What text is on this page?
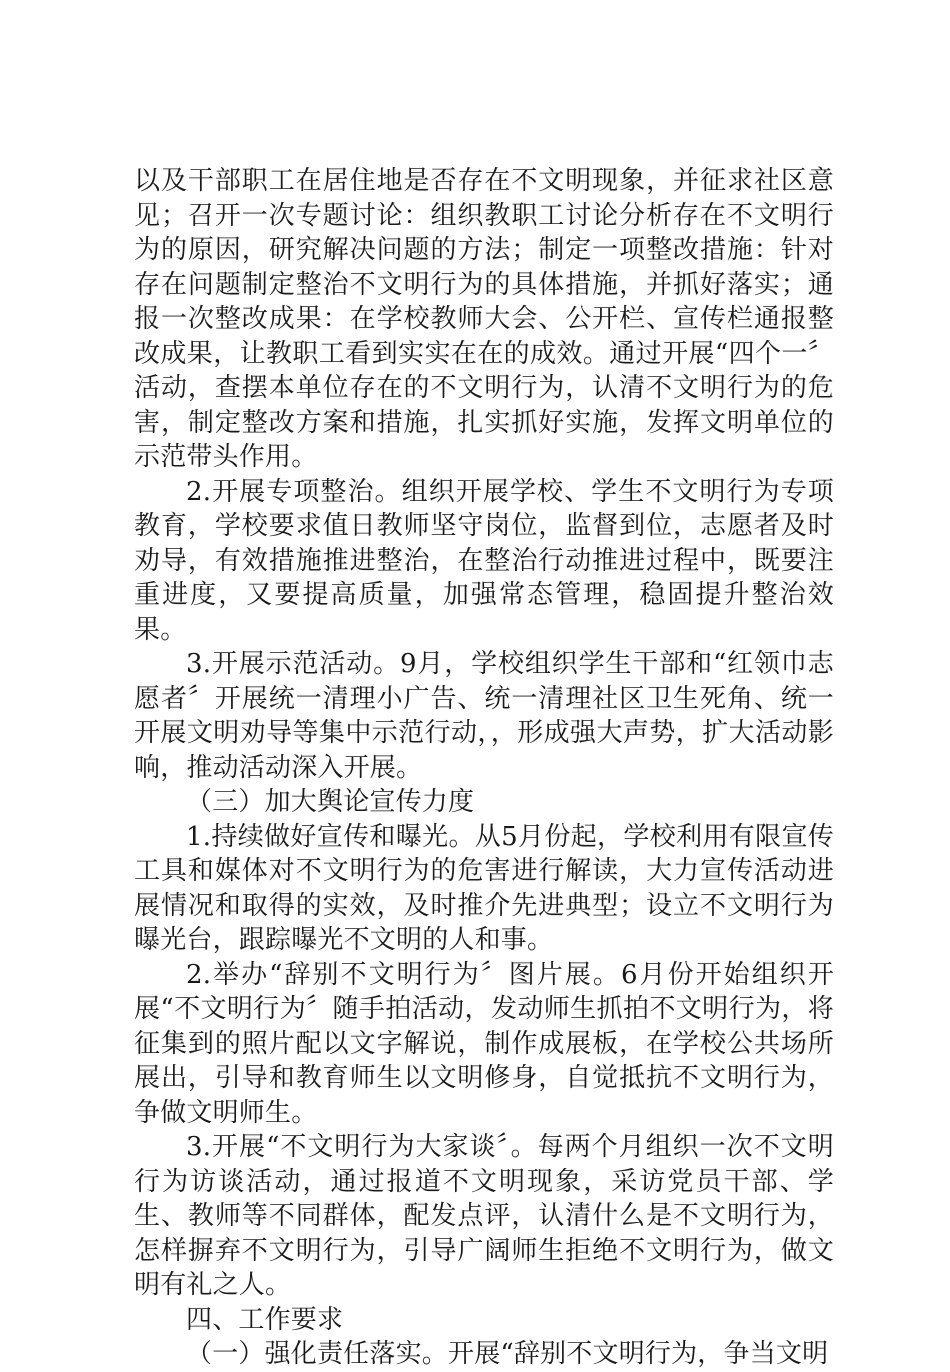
以及干部职工在居住地是否存在不文明现象，并征求社区意见；召开一次专题讨论：组织教职工讨论分析存在不文明行为的原因，研究解决问题的方法；制定一项整改措施：针对存在问题制定整治不文明行为的具体措施，并抓好落实；通报一次整改成果：在学校教师大会、公开栏、宣传栏通报整改成果，让教职工看到实实在在的成效。通过开展“四个一〞活动，查摆本单位存在的不文明行为，认清不文明行为的危害，制定整改方案和措施，扎实抓好实施，发挥文明单位的示范带头作用。

2.开展专项整治。组织开展学校、学生不文明行为专项教育，学校要求值日教师坚守岗位，监督到位，志愿者及时劝导，有效措施推进整治，在整治行动推进过程中，既要注重进度，又要提高质量，加强常态管理，稳固提升整治效果。

3.开展示范活动。9月，学校组织学生干部和“红领巾志愿者〞开展统一清理小广告、统一清理社区卫生死角、统一开展文明劝导等集中示范行动，，形成强大声势，扩大活动影响，推动活动深入开展。

（三）加大舆论宣传力度

1.持续做好宣传和曝光。从5月份起，学校利用有限宣传工具和媒体对不文明行为的危害进行解读，大力宣传活动进展情况和取得的实效，及时推介先进典型；设立不文明行为曝光台，跟踪曝光不文明的人和事。

2.举办“辞别不文明行为〞图片展。6月份开始组织开展“不文明行为〞随手拍活动，发动师生抓拍不文明行为，将征集到的照片配以文字解说，制作成展板，在学校公共场所展出，引导和教育师生以文明修身，自觉抵抗不文明行为，争做文明师生。

3.开展“不文明行为大家谈〞。每两个月组织一次不文明行为访谈活动，通过报道不文明现象，采访党员干部、学生、教师等不同群体，配发点评，认清什么是不文明行为，怎样摒弃不文明行为，引导广阔师生拒绝不文明行为，做文明有礼之人。

四、工作要求

（一）强化责任落实。开展“辞别不文明行为，争当文明
